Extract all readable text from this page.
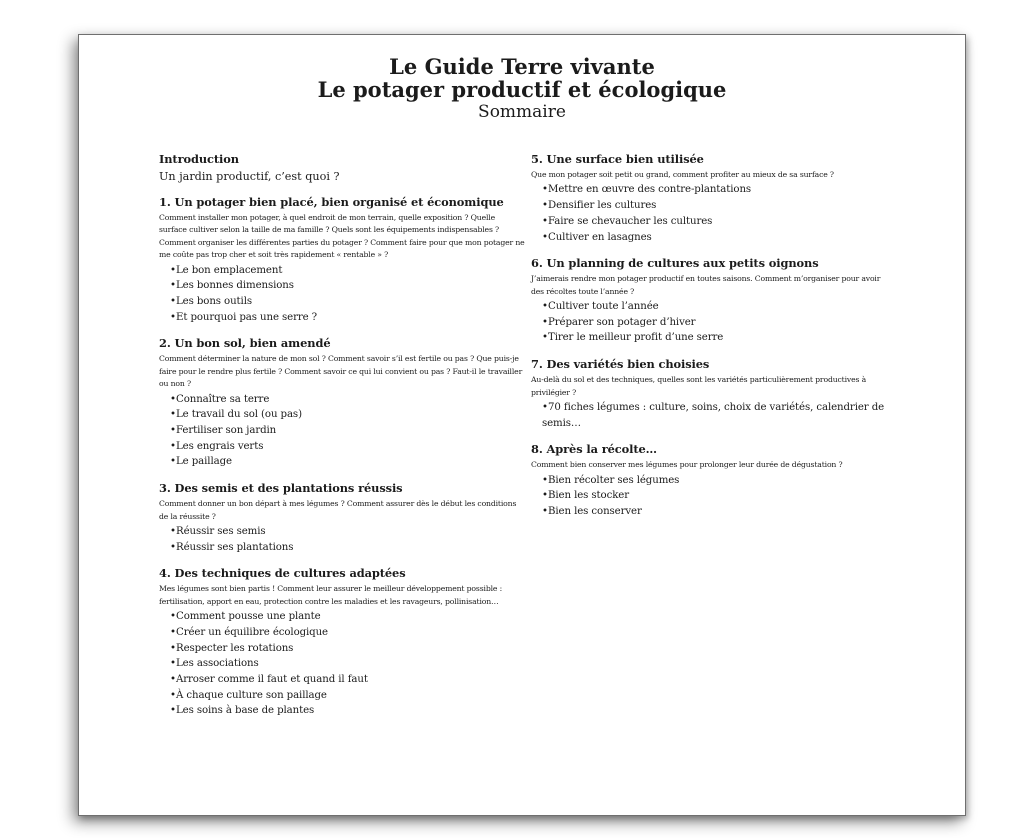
Le Guide Terre vivante
Le potager productif et écologique
Sommaire
Introduction
Un jardin productif, c’est quoi ?
1. Un potager bien placé, bien organisé et économique
Comment installer mon potager, à quel endroit de mon terrain, quelle exposition ? Quelle surface cultiver selon la taille de ma famille ? Quels sont les équipements indispensables ? Comment organiser les différentes parties du potager ? Comment faire pour que mon potager ne me coûte pas trop cher et soit très rapidement « rentable » ?
•Le bon emplacement
•Les bonnes dimensions
•Les bons outils
•Et pourquoi pas une serre ?
2. Un bon sol, bien amendé
Comment déterminer la nature de mon sol ? Comment savoir s’il est fertile ou pas ? Que puis-je faire pour le rendre plus fertile ? Comment savoir ce qui lui convient ou pas ? Faut-il le travailler ou non ?
•Connaître sa terre
•Le travail du sol (ou pas)
•Fertiliser son jardin
•Les engrais verts
•Le paillage
3. Des semis et des plantations réussis
Comment donner un bon départ à mes légumes ? Comment assurer dès le début les conditions de la réussite ?
•Réussir ses semis
•Réussir ses plantations
4. Des techniques de cultures adaptées
Mes légumes sont bien partis ! Comment leur assurer le meilleur développement possible : fertilisation, apport en eau, protection contre les maladies et les ravageurs, pollinisation…
•Comment pousse une plante
•Créer un équilibre écologique
•Respecter les rotations
•Les associations
•Arroser comme il faut et quand il faut
•À chaque culture son paillage
•Les soins à base de plantes
5. Une surface bien utilisée
Que mon potager soit petit ou grand, comment profiter au mieux de sa surface ?
•Mettre en œuvre des contre-plantations
•Densifier les cultures
•Faire se chevaucher les cultures
•Cultiver en lasagnes
6. Un planning de cultures aux petits oignons
J’aimerais rendre mon potager productif en toutes saisons. Comment m’organiser pour avoir des récoltes toute l’année ?
•Cultiver toute l’année
•Préparer son potager d’hiver
•Tirer le meilleur profit d’une serre
7. Des variétés bien choisies
Au-delà du sol et des techniques, quelles sont les variétés particulièrement productives à privilégier ?
•70 fiches légumes : culture, soins, choix de variétés, calendrier de semis…
8. Après la récolte…
Comment bien conserver mes légumes pour prolonger leur durée de dégustation ?
•Bien récolter ses légumes
•Bien les stocker
•Bien les conserver
